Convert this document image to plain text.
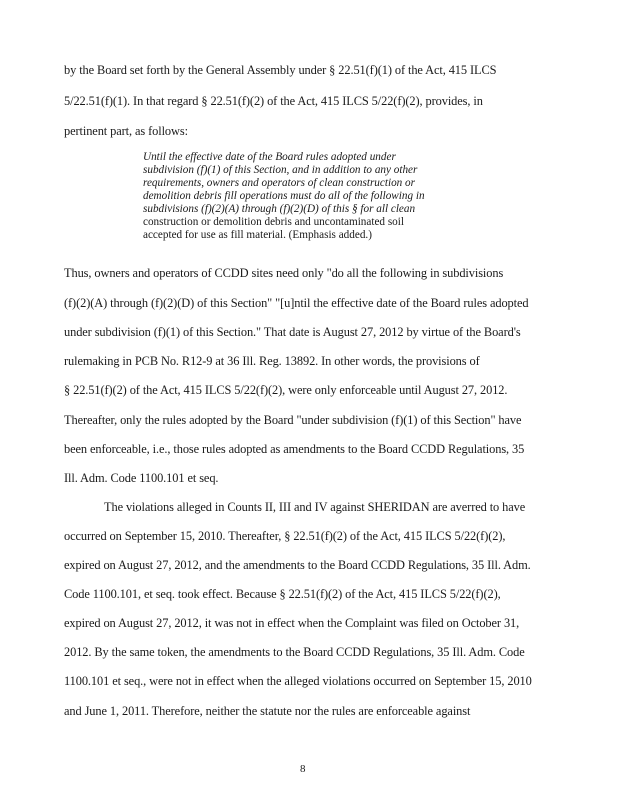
by the Board set forth by the General Assembly under § 22.51(f)(1) of the Act, 415 ILCS
5/22.51(f)(1). In that regard § 22.51(f)(2) of the Act, 415 ILCS 5/22(f)(2), provides, in
pertinent part, as follows:
Until the effective date of the Board rules adopted under
subdivision (f)(1) of this Section, and in addition to any other
requirements, owners and operators of clean construction or
demolition debris fill operations must do all of the following in
subdivisions (f)(2)(A) through (f)(2)(D) of this § for all clean
construction or demolition debris and uncontaminated soil
accepted for use as fill material. (Emphasis added.)
Thus, owners and operators of CCDD sites need only "do all the following in subdivisions
(f)(2)(A) through (f)(2)(D) of this Section" "[u]ntil the effective date of the Board rules adopted
under subdivision (f)(1) of this Section." That date is August 27, 2012 by virtue of the Board's
rulemaking in PCB No. R12-9 at 36 Ill. Reg. 13892. In other words, the provisions of
§ 22.51(f)(2) of the Act, 415 ILCS 5/22(f)(2), were only enforceable until August 27, 2012.
Thereafter, only the rules adopted by the Board "under subdivision (f)(1) of this Section" have
been enforceable, i.e., those rules adopted as amendments to the Board CCDD Regulations, 35
Ill. Adm. Code 1100.101 et seq.
The violations alleged in Counts II, III and IV against SHERIDAN are averred to have
occurred on September 15, 2010. Thereafter, § 22.51(f)(2) of the Act, 415 ILCS 5/22(f)(2),
expired on August 27, 2012, and the amendments to the Board CCDD Regulations, 35 Ill. Adm.
Code 1100.101, et seq. took effect. Because § 22.51(f)(2) of the Act, 415 ILCS 5/22(f)(2),
expired on August 27, 2012, it was not in effect when the Complaint was filed on October 31,
2012. By the same token, the amendments to the Board CCDD Regulations, 35 Ill. Adm. Code
1100.101 et seq., were not in effect when the alleged violations occurred on September 15, 2010
and June 1, 2011. Therefore, neither the statute nor the rules are enforceable against
8
